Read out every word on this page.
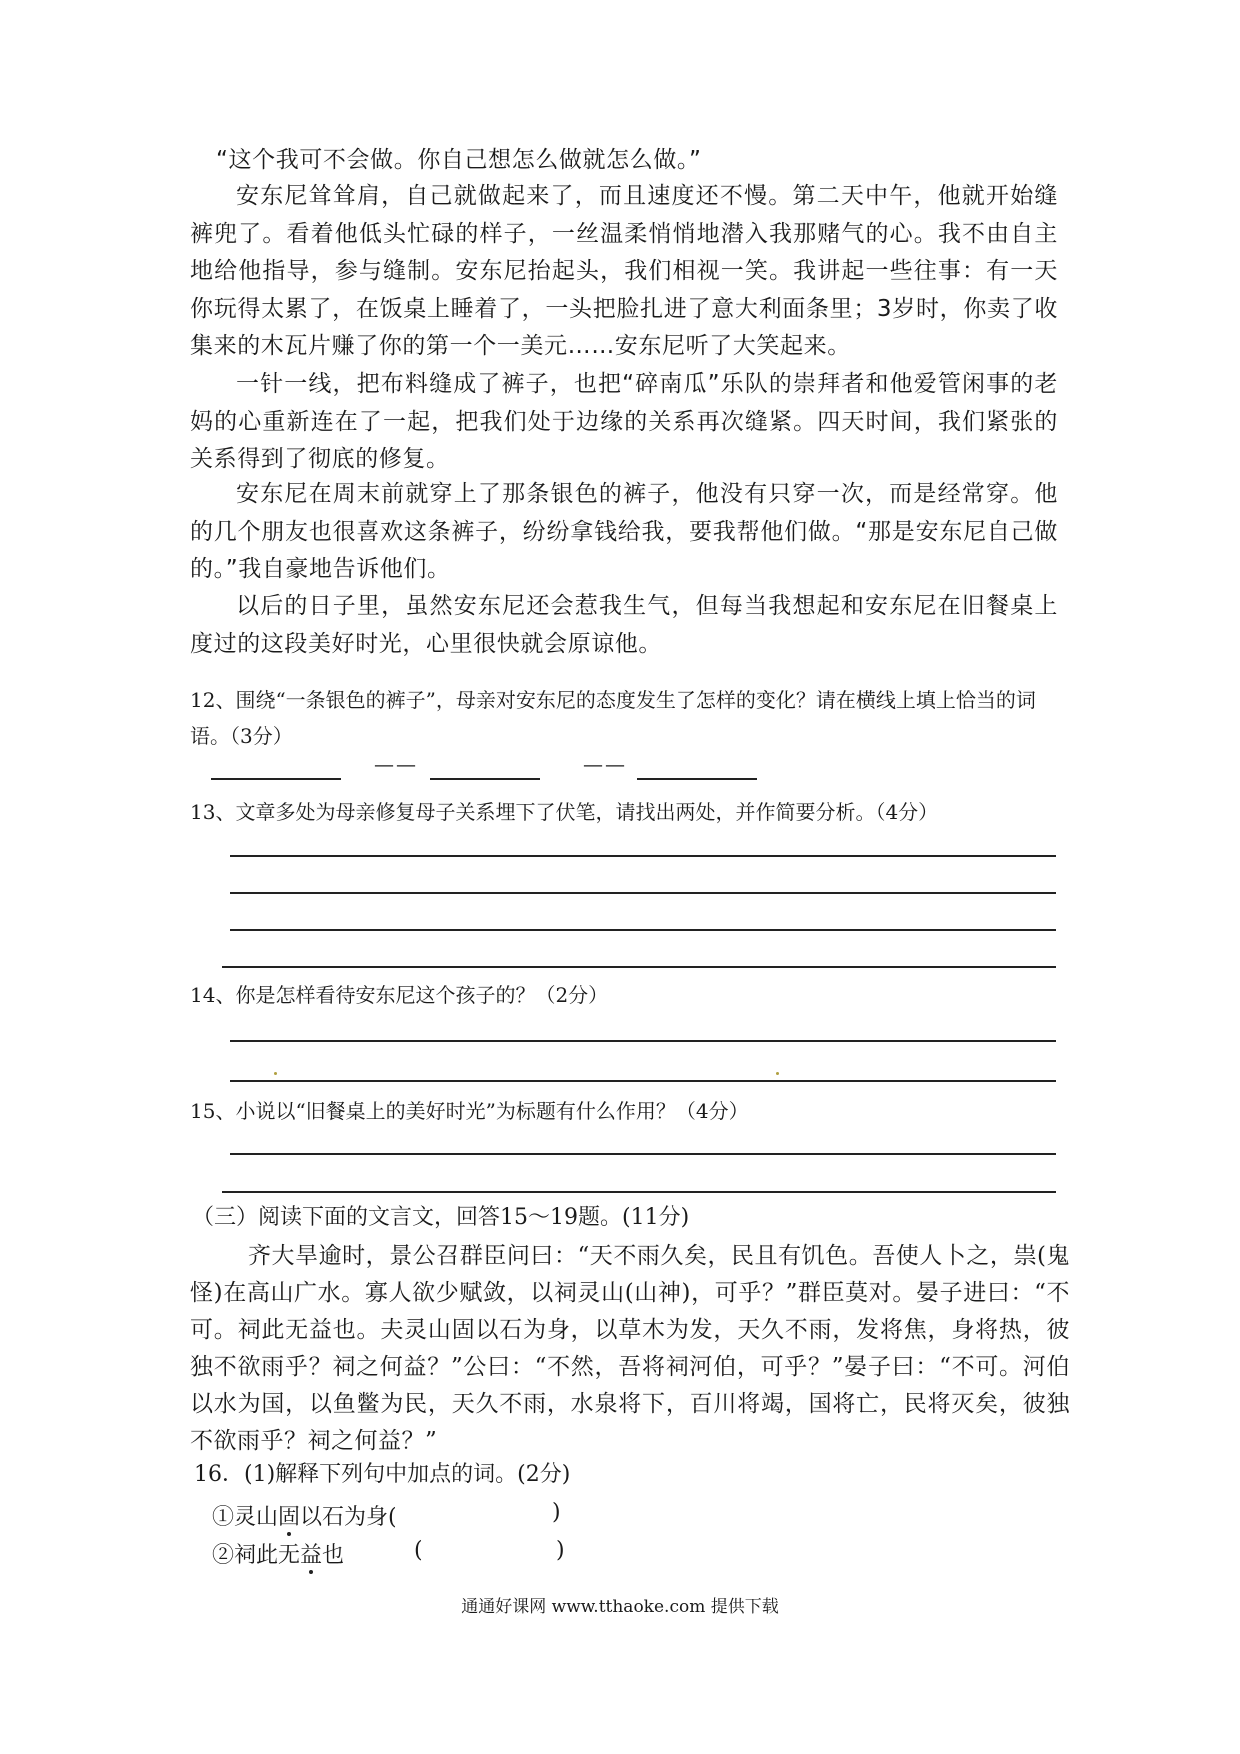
“这个我可不会做。你自己想怎么做就怎么做。”

安东尼耸耸肩，自己就做起来了，而且速度还不慢。第二天中午，他就开始缝裤兜了。看着他低头忙碌的样子，一丝温柔悄悄地潜入我那赌气的心。我不由自主地给他指导，参与缝制。安东尼抬起头，我们相视一笑。我讲起一些往事：有一天你玩得太累了，在饭桌上睡着了，一头把脸扎进了意大利面条里；3岁时，你卖了收集来的木瓦片赚了你的第一个一美元……安东尼听了大笑起来。

一针一线，把布料缝成了裤子，也把“碎南瓜”乐队的崇拜者和他爱管闲事的老妈的心重新连在了一起，把我们处于边缘的关系再次缝紧。四天时间，我们紧张的关系得到了彻底的修复。

安东尼在周末前就穿上了那条银色的裤子，他没有只穿一次，而是经常穿。他的几个朋友也很喜欢这条裤子，纷纷拿钱给我，要我帮他们做。“那是安东尼自己做的。”我自豪地告诉他们。

以后的日子里，虽然安东尼还会惹我生气，但每当我想起和安东尼在旧餐桌上度过的这段美好时光，心里很快就会原谅他。

12、围绕“一条银色的裤子”，母亲对安东尼的态度发生了怎样的变化？请在横线上填上恰当的词语。（3分）

——	——

13、文章多处为母亲修复母子关系埋下了伏笔，请找出两处，并作简要分析。（4分）

14、你是怎样看待安东尼这个孩子的？（2分）

15、小说以“旧餐桌上的美好时光”为标题有什么作用？（4分）

（三）阅读下面的文言文，回答15～19题。(11分)

齐大旱逾时，景公召群臣问曰：“天不雨久矣，民且有饥色。吾使人卜之，祟(鬼怪)在高山广水。寡人欲少赋敛，以祠灵山(山神)，可乎？”群臣莫对。晏子进曰：“不可。祠此无益也。夫灵山固以石为身，以草木为发，天久不雨，发将焦，身将热，彼独不欲雨乎？祠之何益？”公曰：“不然，吾将祠河伯，可乎？”晏子曰：“不可。河伯以水为国，以鱼鳖为民，天久不雨，水泉将下，百川将竭，国将亡，民将灭矣，彼独不欲雨乎？祠之何益？”

16．(1)解释下列句中加点的词。(2分)

①灵山固以石为身(	)
②祠此无益也	(	)
通通好课网 www.tthaoke.com 提供下载
